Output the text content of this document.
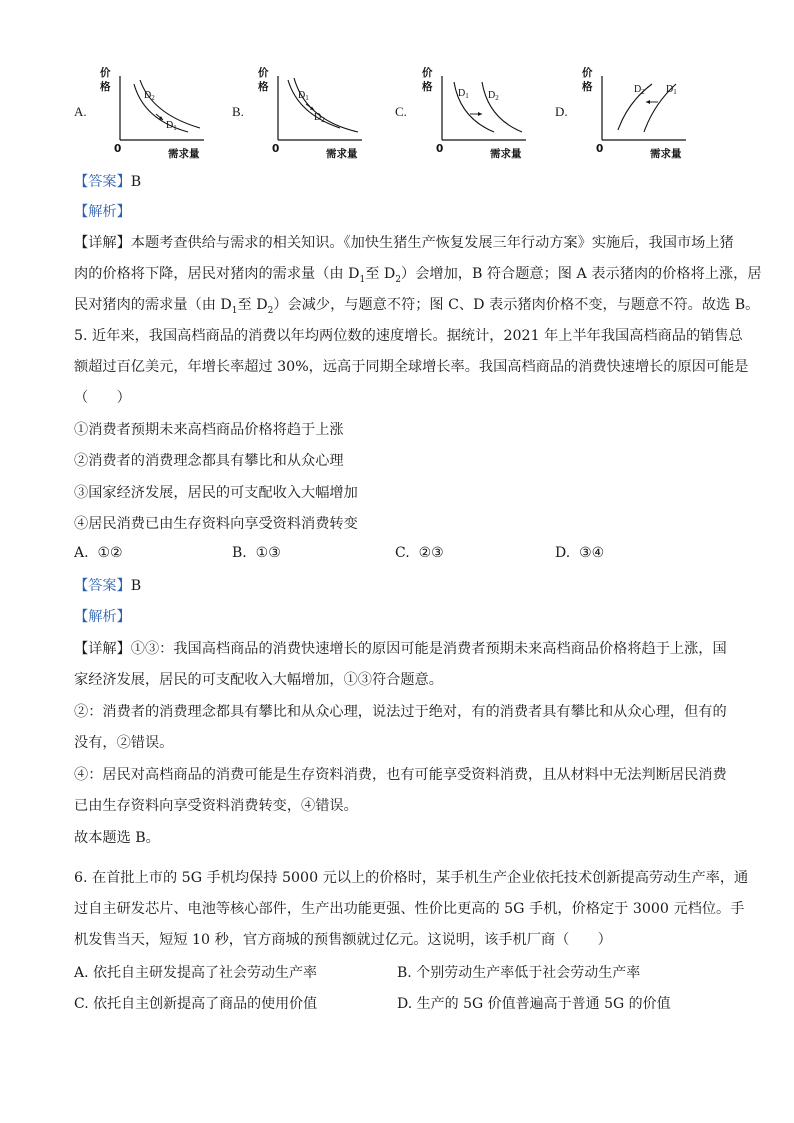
A.	B.	C.	D.
价
格
0	需求量
$D_2$
$D_1$
价
格
0	需求量
$D_1$
$D_2$
价
格
0	需求量
$D_1$ $D_2$
价
格
0	需求量
$D_2$ $D_1$
【答案】B
【解析】
【详解】本题考查供给与需求的相关知识。《加快生猪生产恢复发展三年行动方案》实施后，我国市场上猪
肉的价格将下降，居民对猪肉的需求量（由 $D_1$至 $D_2$）会增加，B 符合题意；图 A 表示猪肉的价格将上涨，居
民对猪肉的需求量（由 $D_1$至 $D_2$）会减少，与题意不符；图 C、D 表示猪肉价格不变，与题意不符。故选 B。
5. 近年来，我国高档商品的消费以年均两位数的速度增长。据统计，2021 年上半年我国高档商品的销售总
额超过百亿美元，年增长率超过 30%，远高于同期全球增长率。我国高档商品的消费快速增长的原因可能是
（　　）
①消费者预期未来高档商品价格将趋于上涨
②消费者的消费理念都具有攀比和从众心理
③国家经济发展，居民的可支配收入大幅增加
④居民消费已由生存资料向享受资料消费转变
A. ①②	B. ①③	C. ②③	D. ③④
【答案】B
【解析】
【详解】①③：我国高档商品的消费快速增长的原因可能是消费者预期未来高档商品价格将趋于上涨，国
家经济发展，居民的可支配收入大幅增加，①③符合题意。
②：消费者的消费理念都具有攀比和从众心理，说法过于绝对，有的消费者具有攀比和从众心理，但有的
没有，②错误。
④：居民对高档商品的消费可能是生存资料消费，也有可能享受资料消费，且从材料中无法判断居民消费
已由生存资料向享受资料消费转变，④错误。
故本题选 B。
6. 在首批上市的 5G 手机均保持 5000 元以上的价格时，某手机生产企业依托技术创新提高劳动生产率，通
过自主研发芯片、电池等核心部件，生产出功能更强、性价比更高的 5G 手机，价格定于 3000 元档位。手
机发售当天，短短 10 秒，官方商城的预售额就过亿元。这说明，该手机厂商（　　）
A. 依托自主研发提高了社会劳动生产率	B. 个别劳动生产率低于社会劳动生产率
C. 依托自主创新提高了商品的使用价值	D. 生产的 5G 价值普遍高于普通 5G 的价值
